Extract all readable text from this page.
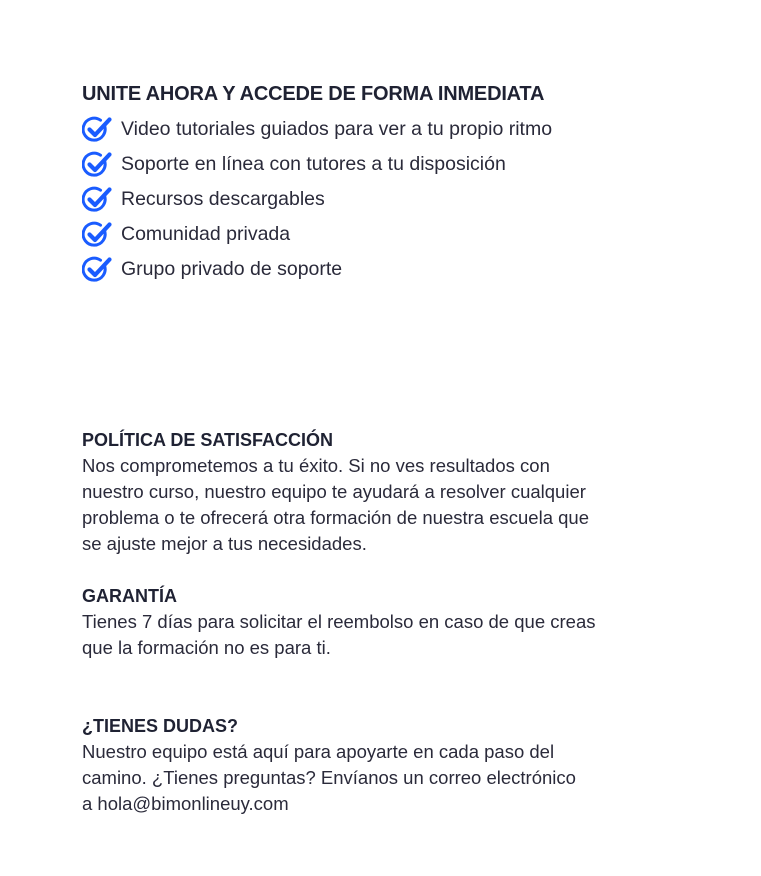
UNITE AHORA Y ACCEDE DE FORMA INMEDIATA
Video tutoriales guiados para ver a tu propio ritmo
Soporte en línea con tutores a tu disposición
Recursos descargables
Comunidad privada
Grupo privado de soporte

POLÍTICA DE SATISFACCIÓN

Nos comprometemos a tu éxito. Si no ves resultados con
nuestro curso, nuestro equipo te ayudará a resolver cualquier
problema o te ofrecerá otra formación de nuestra escuela que
se ajuste mejor a tus necesidades.

GARANTÍA

Tienes 7 días para solicitar el reembolso en caso de que creas
que la formación no es para ti.

¿TIENES DUDAS?

Nuestro equipo está aquí para apoyarte en cada paso del
camino. ¿Tienes preguntas? Envíanos un correo electrónico
a hola@bimonlineuy.com
